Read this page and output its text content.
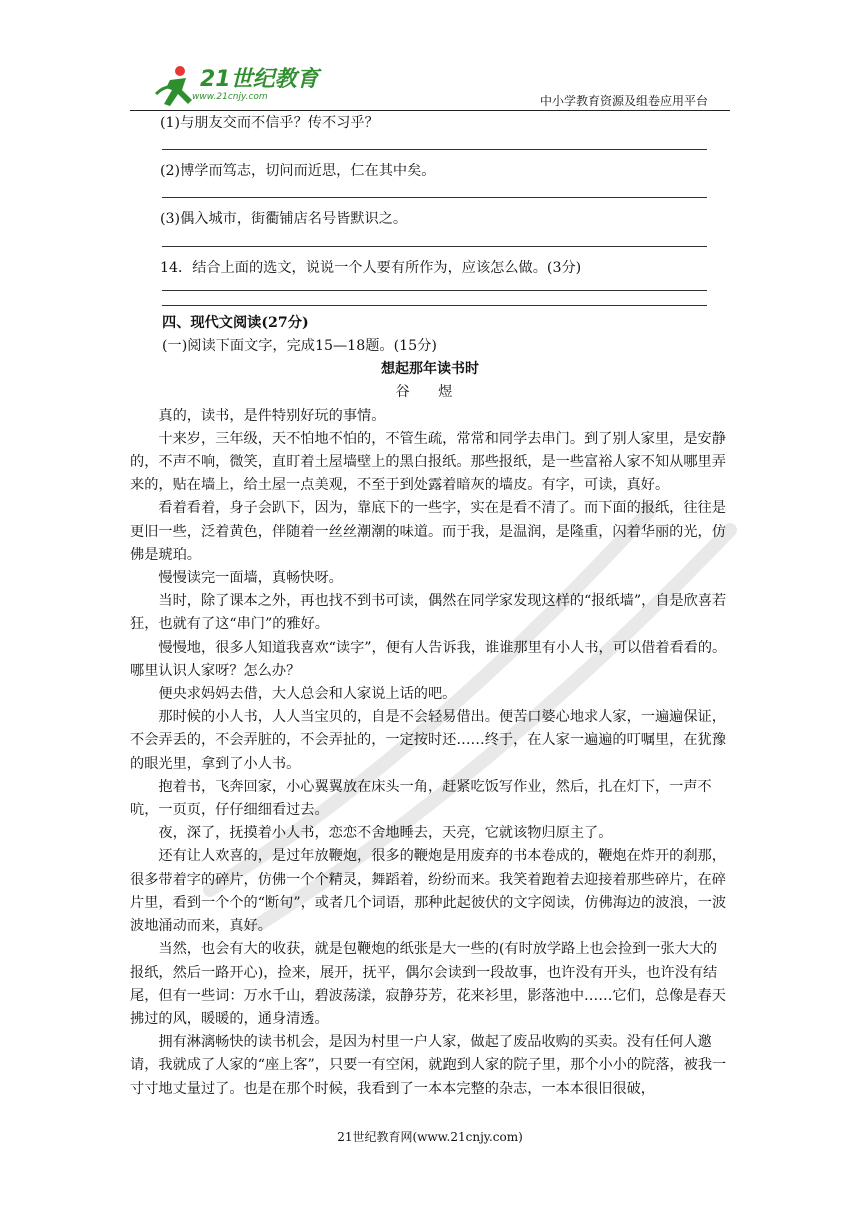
21世纪教育
www.21cnjy.com	中小学教育资源及组卷应用平台

(1)与朋友交而不信乎？传不习乎？

(2)博学而笃志，切问而近思，仁在其中矣。

(3)偶入城市，街衢铺店名号皆默识之。

14．结合上面的选文，说说一个人要有所作为，应该怎么做。(3分)

四、现代文阅读(27分)

(一)阅读下面文字，完成15—18题。(15分)

想起那年读书时

谷 煜

真的，读书，是件特别好玩的事情。

十来岁，三年级，天不怕地不怕的，不管生疏，常常和同学去串门。到了别人家里，是安静的，不声不响，微笑，直盯着土屋墙壁上的黑白报纸。那些报纸，是一些富裕人家不知从哪里弄来的，贴在墙上，给土屋一点美观，不至于到处露着暗灰的墙皮。有字，可读，真好。

看着看着，身子会趴下，因为，靠底下的一些字，实在是看不清了。而下面的报纸，往往是更旧一些，泛着黄色，伴随着一丝丝潮潮的味道。而于我，是温润，是隆重，闪着华丽的光，仿佛是琥珀。

慢慢读完一面墙，真畅快呀。

当时，除了课本之外，再也找不到书可读，偶然在同学家发现这样的“报纸墙”，自是欣喜若狂，也就有了这“串门”的雅好。

慢慢地，很多人知道我喜欢“读字”，便有人告诉我，谁谁那里有小人书，可以借着看看的。哪里认识人家呀？怎么办？

便央求妈妈去借，大人总会和人家说上话的吧。

那时候的小人书，人人当宝贝的，自是不会轻易借出。便苦口婆心地求人家，一遍遍保证，不会弄丢的，不会弄脏的，不会弄扯的，一定按时还……终于，在人家一遍遍的叮嘱里，在犹豫的眼光里，拿到了小人书。

抱着书，飞奔回家，小心翼翼放在床头一角，赶紧吃饭写作业，然后，扎在灯下，一声不吭，一页页，仔仔细细看过去。

夜，深了，抚摸着小人书，恋恋不舍地睡去，天亮，它就该物归原主了。

还有让人欢喜的，是过年放鞭炮，很多的鞭炮是用废弃的书本卷成的，鞭炮在炸开的刹那，很多带着字的碎片，仿佛一个个精灵，舞蹈着，纷纷而来。我笑着跑着去迎接着那些碎片，在碎片里，看到一个个的“断句”，或者几个词语，那种此起彼伏的文字阅读，仿佛海边的波浪，一波波地涌动而来，真好。

当然，也会有大的收获，就是包鞭炮的纸张是大一些的(有时放学路上也会捡到一张大大的报纸，然后一路开心)，捡来，展开，抚平，偶尔会读到一段故事，也许没有开头，也许没有结尾，但有一些词：万水千山，碧波荡漾，寂静芬芳，花来衫里，影落池中……它们，总像是春天拂过的风，暖暖的，通身清透。

拥有淋漓畅快的读书机会，是因为村里一户人家，做起了废品收购的买卖。没有任何人邀请，我就成了人家的“座上客”，只要一有空闲，就跑到人家的院子里，那个小小的院落，被我一寸寸地丈量过了。也是在那个时候，我看到了一本本完整的杂志，一本本很旧很破，

21世纪教育网(www.21cnjy.com)
